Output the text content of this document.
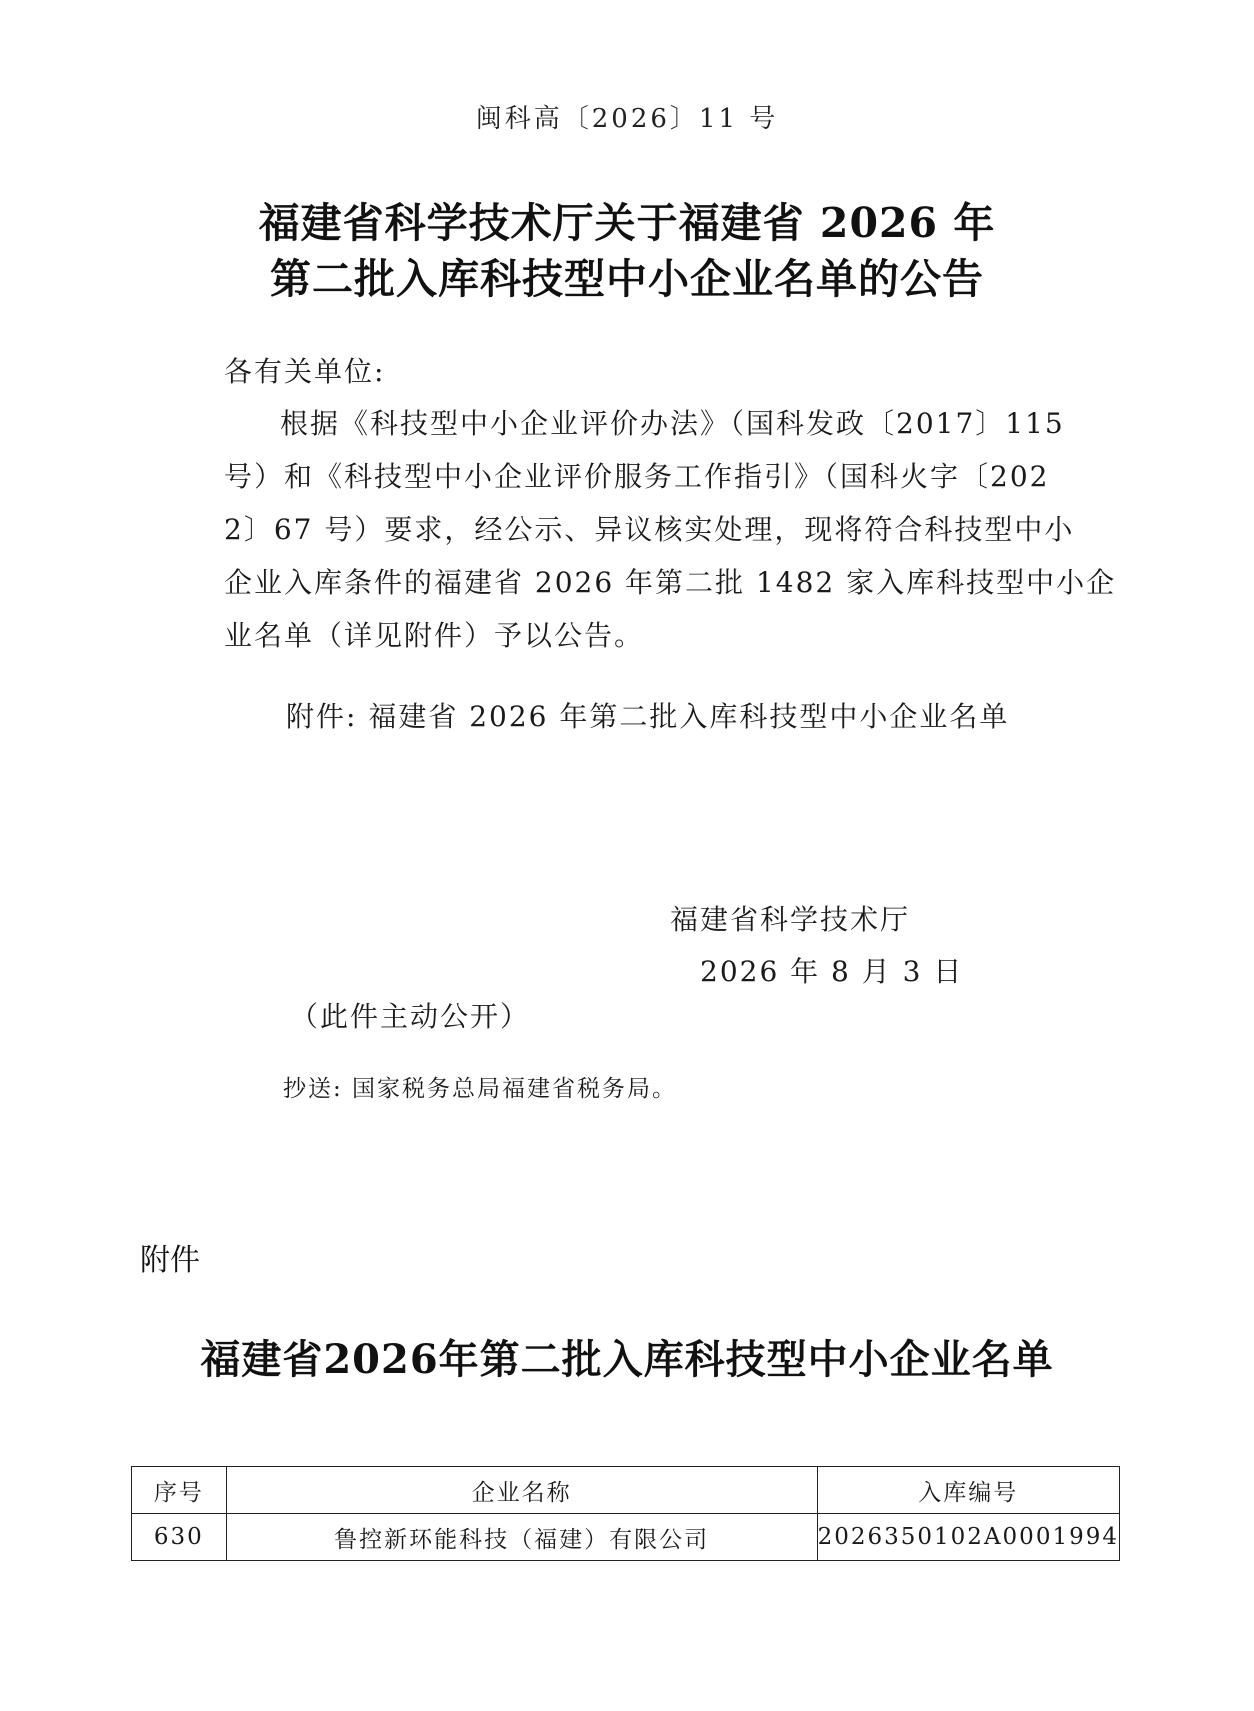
闽科高〔2026〕11 号
福建省科学技术厅关于福建省 2026 年
第二批入库科技型中小企业名单的公告
各有关单位:
根据《科技型中小企业评价办法》（国科发政〔2017〕115
号）和《科技型中小企业评价服务工作指引》（国科火字〔202
2〕67 号）要求，经公示、异议核实处理，现将符合科技型中小
企业入库条件的福建省 2026 年第二批 1482 家入库科技型中小企
业名单（详见附件）予以公告。
附件: 福建省 2026 年第二批入库科技型中小企业名单
福建省科学技术厅
2026 年 8 月 3 日
（此件主动公开）
抄送: 国家税务总局福建省税务局。
附件
福建省2026年第二批入库科技型中小企业名单
序号	企业名称	入库编号
630	鲁控新环能科技（福建）有限公司	2026350102A0001994
